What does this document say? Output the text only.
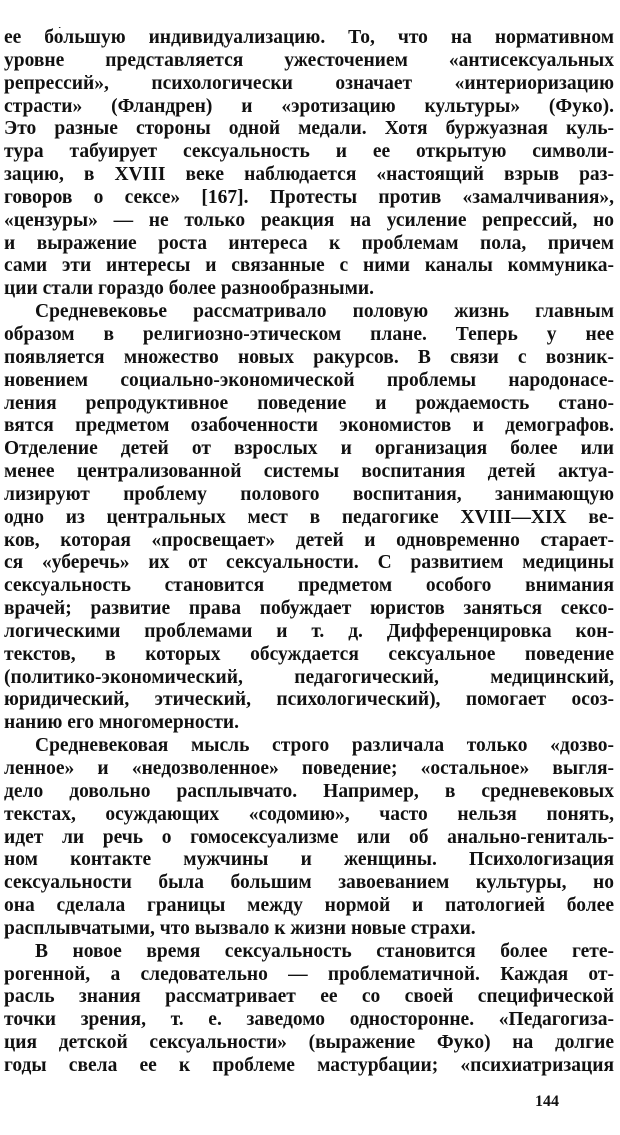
ее бо́льшую индивидуализацию. То, что на нормативном
уровне представляется ужесточением «антисексуальных
репрессий», психологически означает «интериоризацию
страсти» (Фландрен) и «эротизацию культуры» (Фуко).
Это разные стороны одной медали. Хотя буржуазная куль-
тура табуирует сексуальность и ее открытую символи-
зацию, в XVIII веке наблюдается «настоящий взрыв раз-
говоров о сексе» [167]. Протесты против «замалчивания»,
«цензуры» — не только реакция на усиление репрессий, но
и выражение роста интереса к проблемам пола, причем
сами эти интересы и связанные с ними каналы коммуника-
ции стали гораздо более разнообразными.
Средневековье рассматривало половую жизнь главным
образом в религиозно-этическом плане. Теперь у нее
появляется множество новых ракурсов. В связи с возник-
новением социально-экономической проблемы народонасе-
ления репродуктивное поведение и рождаемость стано-
вятся предметом озабоченности экономистов и демографов.
Отделение детей от взрослых и организация более или
менее централизованной системы воспитания детей актуа-
лизируют проблему полового воспитания, занимающую
одно из центральных мест в педагогике XVIII—XIX ве-
ков, которая «просвещает» детей и одновременно старает-
ся «уберечь» их от сексуальности. С развитием медицины
сексуальность становится предметом особого внимания
врачей; развитие права побуждает юристов заняться сексо-
логическими проблемами и т. д. Дифференцировка кон-
текстов, в которых обсуждается сексуальное поведение
(политико-экономический, педагогический, медицинский,
юридический, этический, психологический), помогает осоз-
нанию его многомерности.
Средневековая мысль строго различала только «дозво-
ленное» и «недозволенное» поведение; «остальное» выгля-
дело довольно расплывчато. Например, в средневековых
текстах, осуждающих «содомию», часто нельзя понять,
идет ли речь о гомосексуализме или об анально-гениталь-
ном контакте мужчины и женщины. Психологизация
сексуальности была большим завоеванием культуры, но
она сделала границы между нормой и патологией более
расплывчатыми, что вызвало к жизни новые страхи.
В новое время сексуальность становится более гете-
рогенной, а следовательно — проблематичной. Каждая от-
расль знания рассматривает ее со своей специфической
точки зрения, т. е. заведомо односторонне. «Педагогиза-
ция детской сексуальности» (выражение Фуко) на долгие
годы свела ее к проблеме мастурбации; «психиатризация
144
